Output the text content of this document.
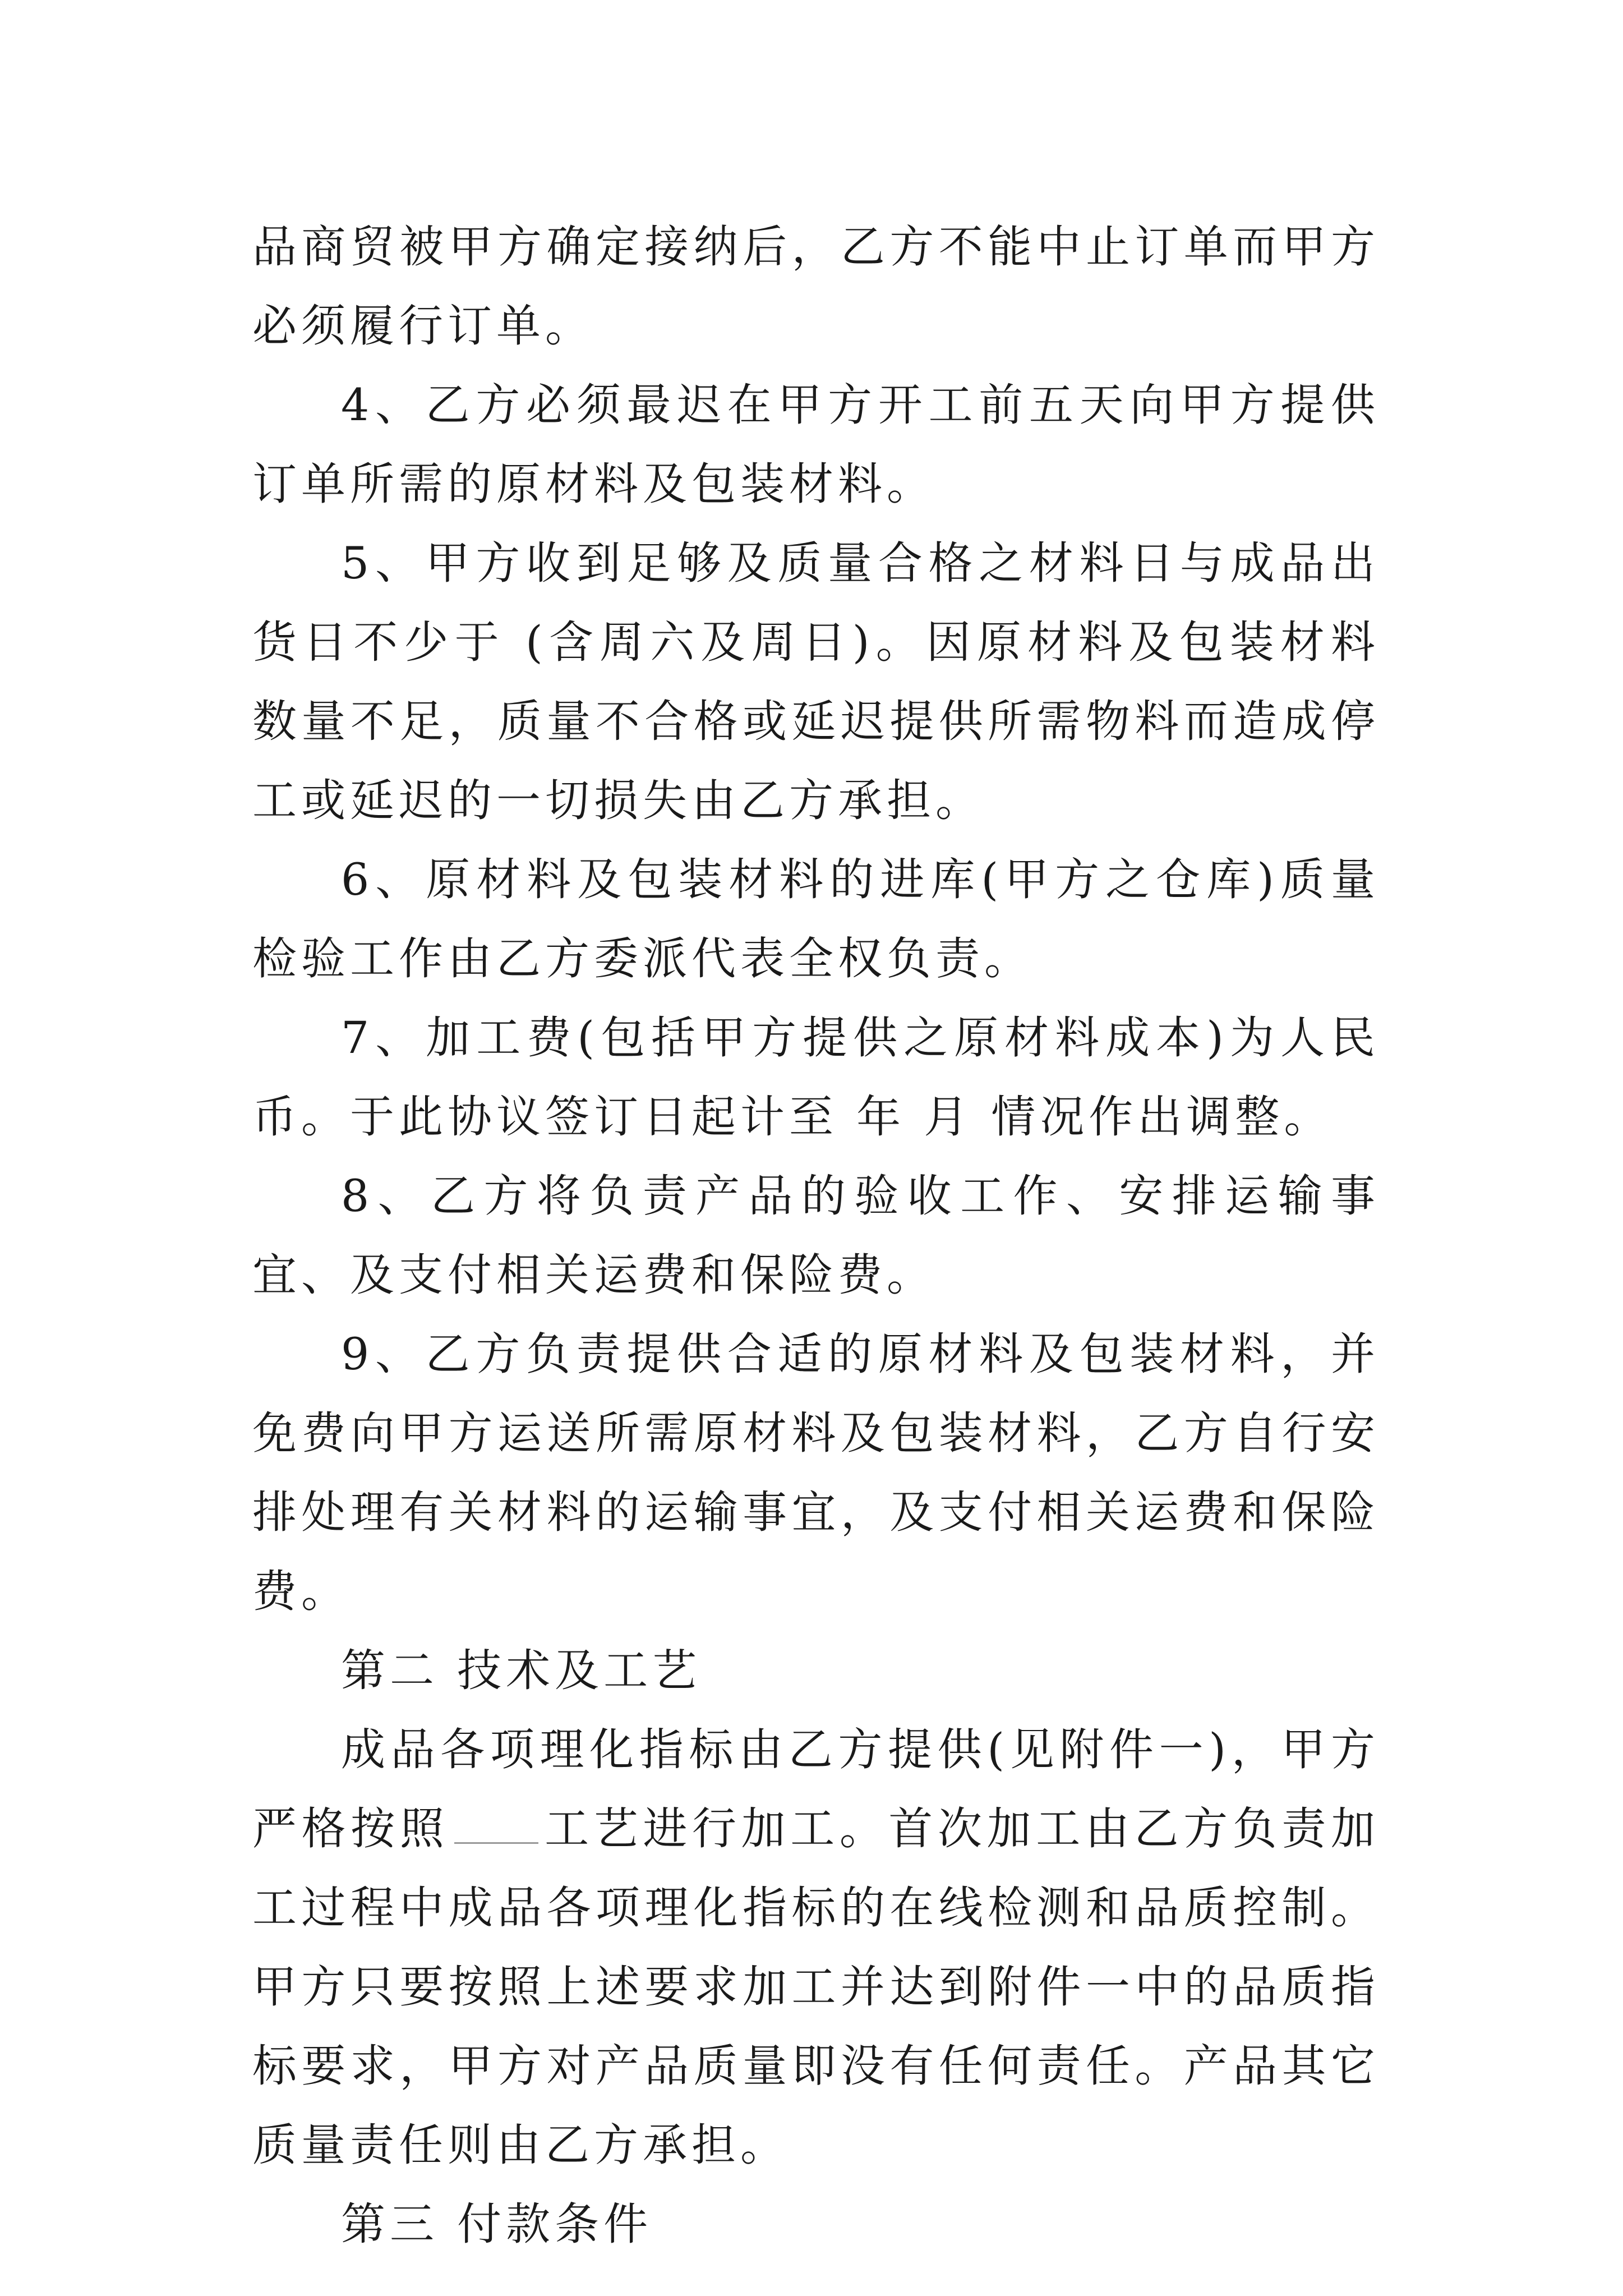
品商贸被甲方确定接纳后，乙方不能中止订单而甲方必须履行订单。

4、乙方必须最迟在甲方开工前五天向甲方提供订单所需的原材料及包装材料。

5、甲方收到足够及质量合格之材料日与成品出货日不少于 (含周六及周日)。因原材料及包装材料数量不足，质量不合格或延迟提供所需物料而造成停工或延迟的一切损失由乙方承担。

6、原材料及包装材料的进库(甲方之仓库)质量检验工作由乙方委派代表全权负责。

7、加工费(包括甲方提供之原材料成本)为人民币。于此协议签订日起计至 年 月 情况作出调整。

8、乙方将负责产品的验收工作、安排运输事宜、及支付相关运费和保险费。

9、乙方负责提供合适的原材料及包装材料，并免费向甲方运送所需原材料及包装材料，乙方自行安排处理有关材料的运输事宜，及支付相关运费和保险费。

第二 技术及工艺

成品各项理化指标由乙方提供(见附件一)，甲方严格按照 工艺进行加工。首次加工由乙方负责加工过程中成品各项理化指标的在线检测和品质控制。甲方只要按照上述要求加工并达到附件一中的品质指标要求，甲方对产品质量即没有任何责任。产品其它质量责任则由乙方承担。

第三 付款条件
